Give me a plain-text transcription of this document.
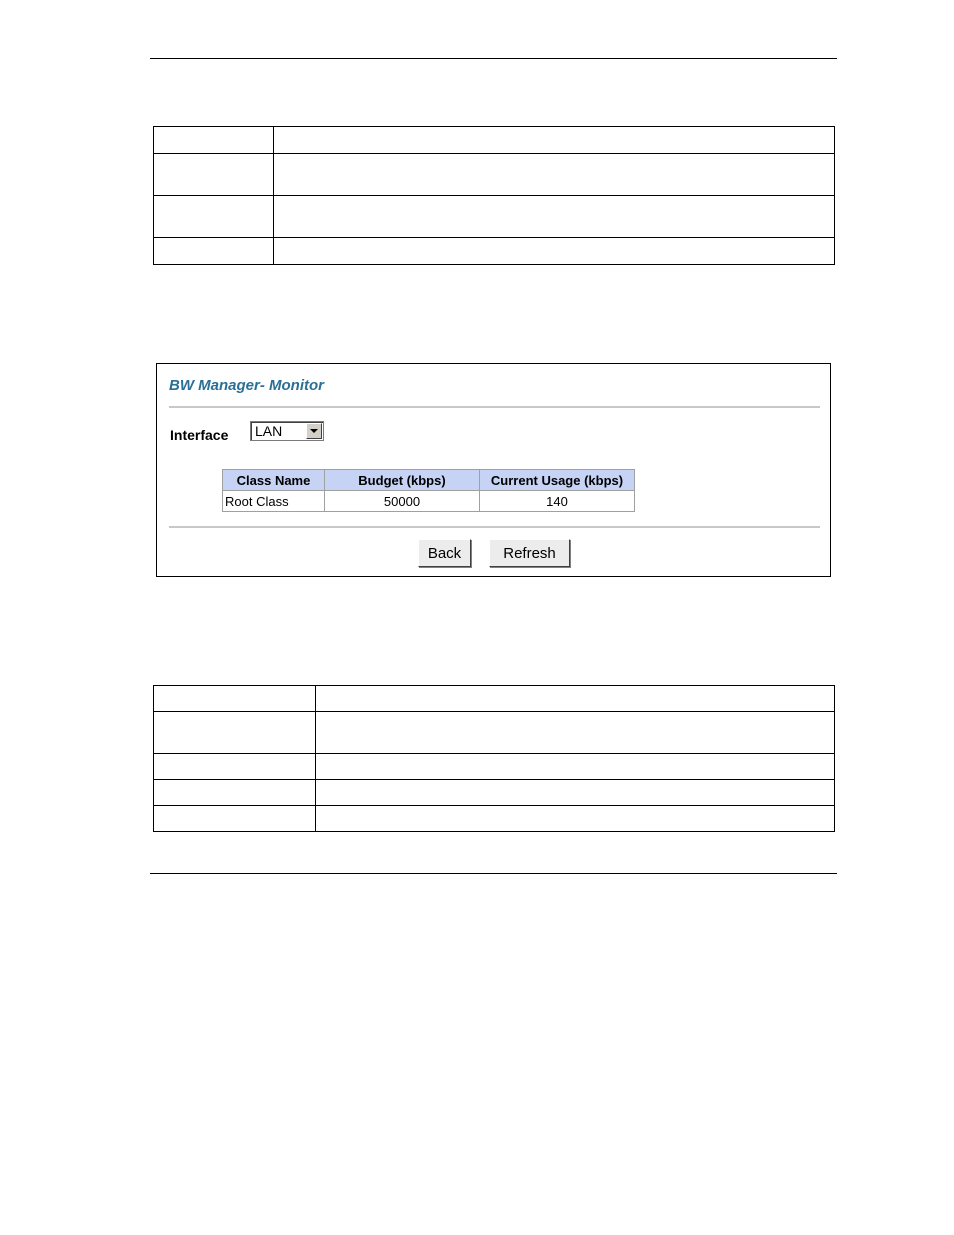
BW Manager- Monitor
Interface LAN
Class Name	Budget (kbps)	Current Usage (kbps)
Root Class	50000	140
Back	Refresh
